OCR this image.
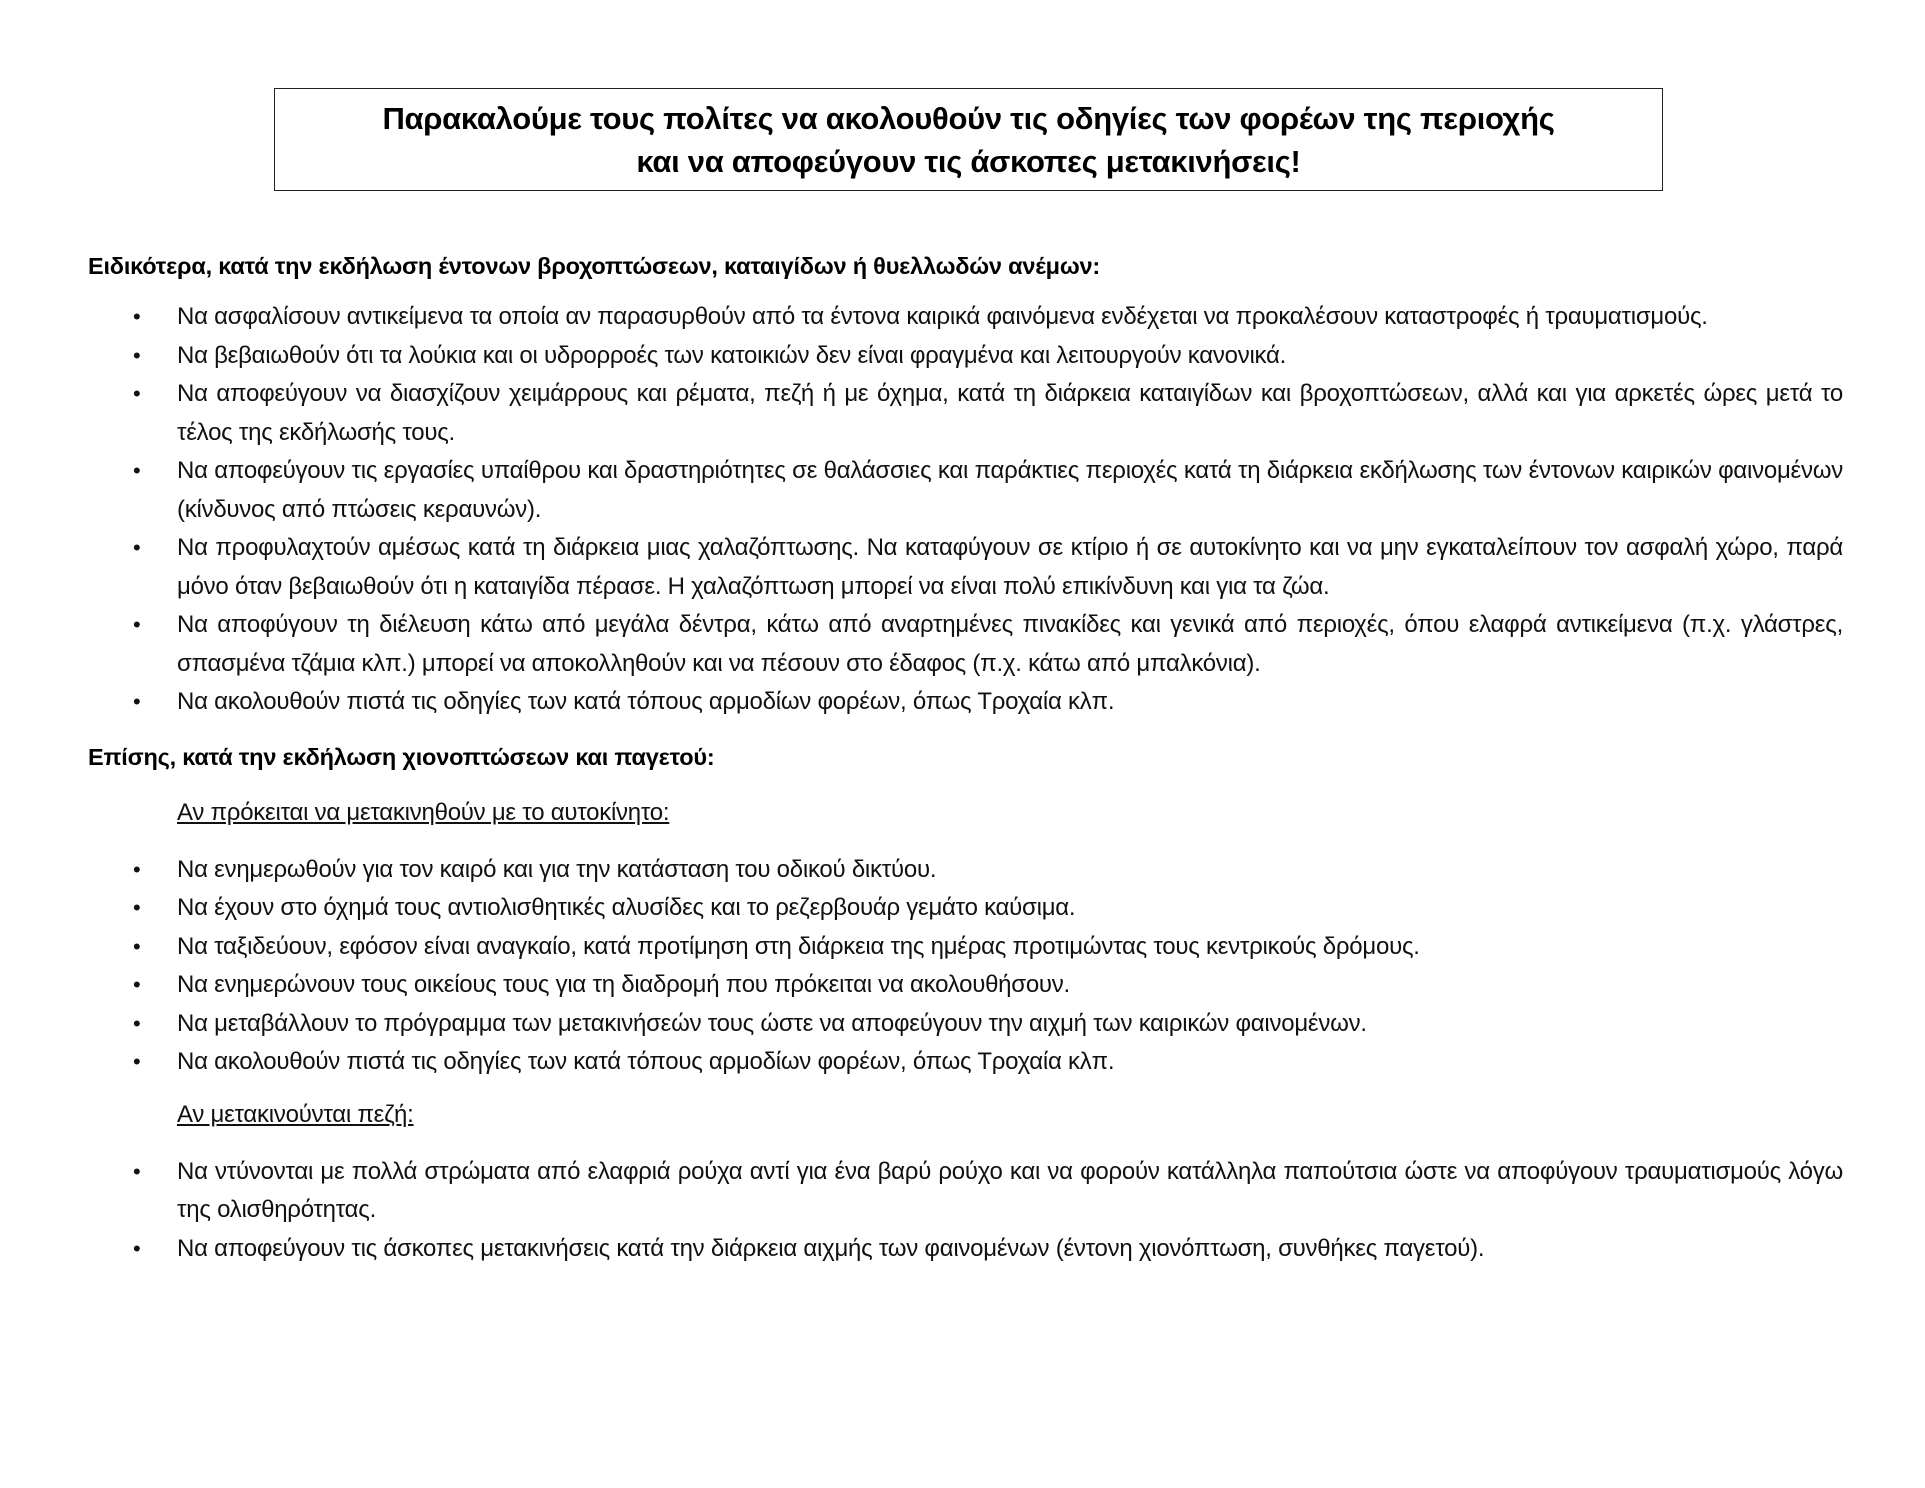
Παρακαλούμε τους πολίτες να ακολουθούν τις οδηγίες των φορέων της περιοχής
και να αποφεύγουν τις άσκοπες μετακινήσεις!

Ειδικότερα, κατά την εκδήλωση έντονων βροχοπτώσεων, καταιγίδων ή θυελλωδών ανέμων:

• Να ασφαλίσουν αντικείμενα τα οποία αν παρασυρθούν από τα έντονα καιρικά φαινόμενα ενδέχεται να προκαλέσουν καταστροφές ή τραυματισμούς.
• Να βεβαιωθούν ότι τα λούκια και οι υδρορροές των κατοικιών δεν είναι φραγμένα και λειτουργούν κανονικά.
• Να αποφεύγουν να διασχίζουν χειμάρρους και ρέματα, πεζή ή με όχημα, κατά τη διάρκεια καταιγίδων και βροχοπτώσεων, αλλά και για αρκετές ώρες μετά το τέλος της εκδήλωσής τους.
• Να αποφεύγουν τις εργασίες υπαίθρου και δραστηριότητες σε θαλάσσιες και παράκτιες περιοχές κατά τη διάρκεια εκδήλωσης των έντονων καιρικών φαινομένων (κίνδυνος από πτώσεις κεραυνών).
• Να προφυλαχτούν αμέσως κατά τη διάρκεια μιας χαλαζόπτωσης. Να καταφύγουν σε κτίριο ή σε αυτοκίνητο και να μην εγκαταλείπουν τον ασφαλή χώρο, παρά μόνο όταν βεβαιωθούν ότι η καταιγίδα πέρασε. Η χαλαζόπτωση μπορεί να είναι πολύ επικίνδυνη και για τα ζώα.
• Να αποφύγουν τη διέλευση κάτω από μεγάλα δέντρα, κάτω από αναρτημένες πινακίδες και γενικά από περιοχές, όπου ελαφρά αντικείμενα (π.χ. γλάστρες, σπασμένα τζάμια κλπ.) μπορεί να αποκολληθούν και να πέσουν στο έδαφος (π.χ. κάτω από μπαλκόνια).
• Να ακολουθούν πιστά τις οδηγίες των κατά τόπους αρμοδίων φορέων, όπως Τροχαία κλπ.

Επίσης, κατά την εκδήλωση χιονοπτώσεων και παγετού:

Αν πρόκειται να μετακινηθούν με το αυτοκίνητο:
• Να ενημερωθούν για τον καιρό και για την κατάσταση του οδικού δικτύου.
• Να έχουν στο όχημά τους αντιολισθητικές αλυσίδες και το ρεζερβουάρ γεμάτο καύσιμα.
• Να ταξιδεύουν, εφόσον είναι αναγκαίο, κατά προτίμηση στη διάρκεια της ημέρας προτιμώντας τους κεντρικούς δρόμους.
• Να ενημερώνουν τους οικείους τους για τη διαδρομή που πρόκειται να ακολουθήσουν.
• Να μεταβάλλουν το πρόγραμμα των μετακινήσεών τους ώστε να αποφεύγουν την αιχμή των καιρικών φαινομένων.
• Να ακολουθούν πιστά τις οδηγίες των κατά τόπους αρμοδίων φορέων, όπως Τροχαία κλπ.
Αν μετακινούνται πεζή:
• Να ντύνονται με πολλά στρώματα από ελαφριά ρούχα αντί για ένα βαρύ ρούχο και να φορούν κατάλληλα παπούτσια ώστε να αποφύγουν τραυματισμούς λόγω της ολισθηρότητας.
• Να αποφεύγουν τις άσκοπες μετακινήσεις κατά την διάρκεια αιχμής των φαινομένων (έντονη χιονόπτωση, συνθήκες παγετού).
